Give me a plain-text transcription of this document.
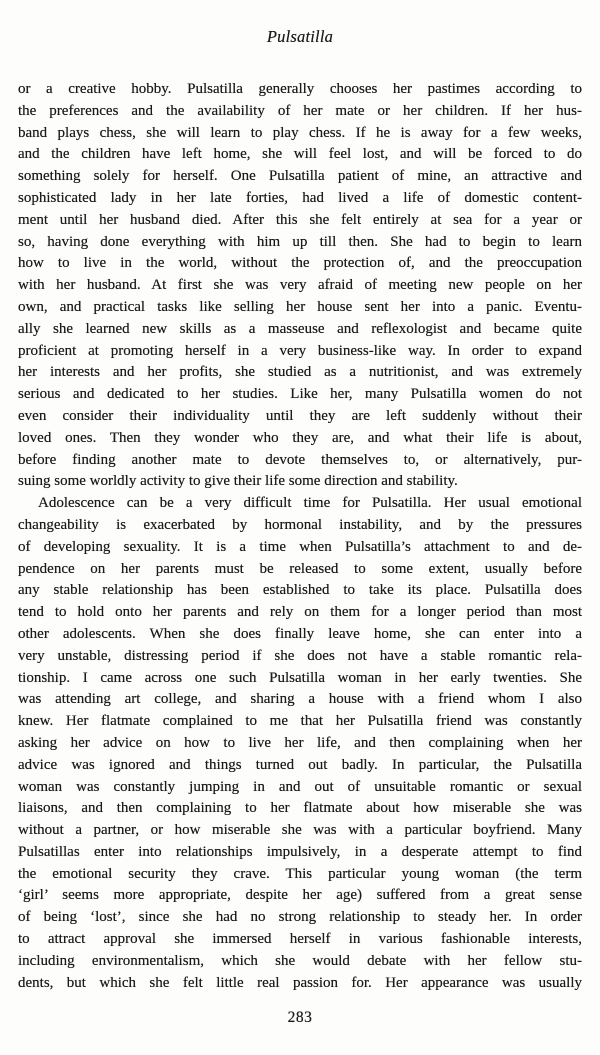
Pulsatilla
or a creative hobby. Pulsatilla generally chooses her pastimes according to
the preferences and the availability of her mate or her children. If her hus-
band plays chess, she will learn to play chess. If he is away for a few weeks,
and the children have left home, she will feel lost, and will be forced to do
something solely for herself. One Pulsatilla patient of mine, an attractive and
sophisticated lady in her late forties, had lived a life of domestic content-
ment until her husband died. After this she felt entirely at sea for a year or
so, having done everything with him up till then. She had to begin to learn
how to live in the world, without the protection of, and the preoccupation
with her husband. At first she was very afraid of meeting new people on her
own, and practical tasks like selling her house sent her into a panic. Eventu-
ally she learned new skills as a masseuse and reflexologist and became quite
proficient at promoting herself in a very business-like way. In order to expand
her interests and her profits, she studied as a nutritionist, and was extremely
serious and dedicated to her studies. Like her, many Pulsatilla women do not
even consider their individuality until they are left suddenly without their
loved ones. Then they wonder who they are, and what their life is about,
before finding another mate to devote themselves to, or alternatively, pur-
suing some worldly activity to give their life some direction and stability.
Adolescence can be a very difficult time for Pulsatilla. Her usual emotional
changeability is exacerbated by hormonal instability, and by the pressures
of developing sexuality. It is a time when Pulsatilla’s attachment to and de-
pendence on her parents must be released to some extent, usually before
any stable relationship has been established to take its place. Pulsatilla does
tend to hold onto her parents and rely on them for a longer period than most
other adolescents. When she does finally leave home, she can enter into a
very unstable, distressing period if she does not have a stable romantic rela-
tionship. I came across one such Pulsatilla woman in her early twenties. She
was attending art college, and sharing a house with a friend whom I also
knew. Her flatmate complained to me that her Pulsatilla friend was constantly
asking her advice on how to live her life, and then complaining when her
advice was ignored and things turned out badly. In particular, the Pulsatilla
woman was constantly jumping in and out of unsuitable romantic or sexual
liaisons, and then complaining to her flatmate about how miserable she was
without a partner, or how miserable she was with a particular boyfriend. Many
Pulsatillas enter into relationships impulsively, in a desperate attempt to find
the emotional security they crave. This particular young woman (the term
‘girl’ seems more appropriate, despite her age) suffered from a great sense
of being ‘lost’, since she had no strong relationship to steady her. In order
to attract approval she immersed herself in various fashionable interests,
including environmentalism, which she would debate with her fellow stu-
dents, but which she felt little real passion for. Her appearance was usually
283
